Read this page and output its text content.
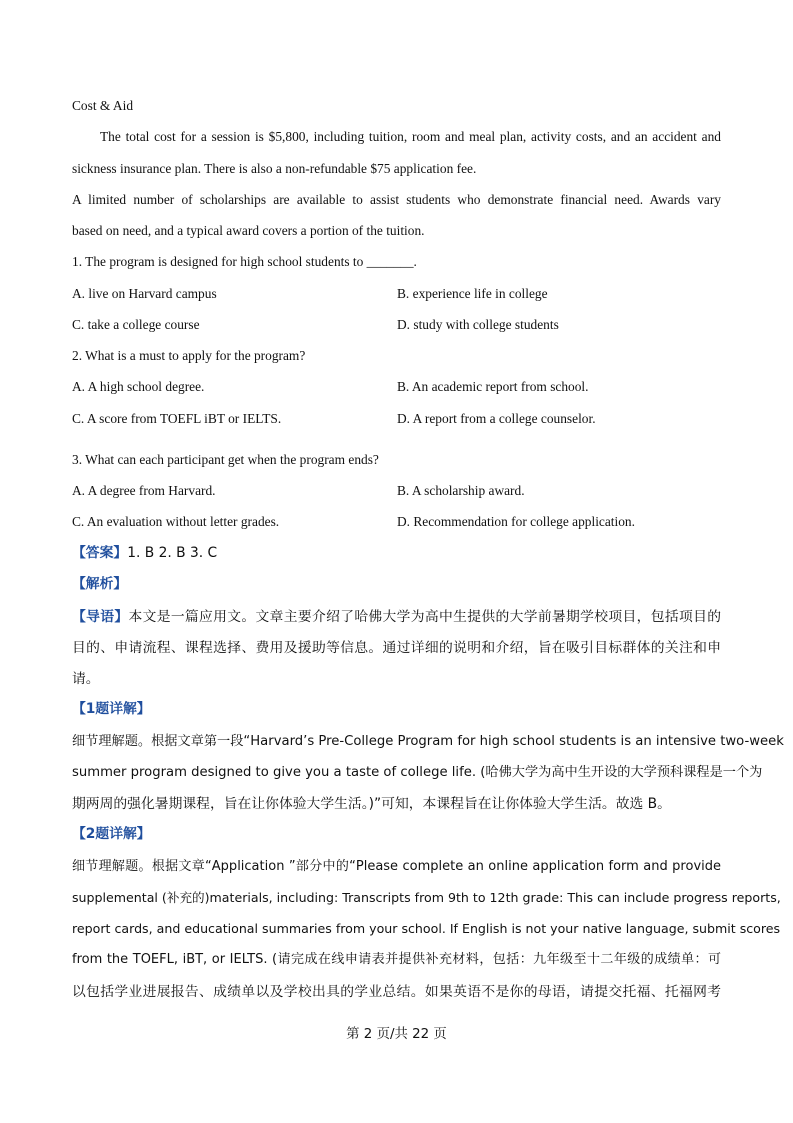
Cost & Aid
The total cost for a session is $5,800, including tuition, room and meal plan, activity costs, and an accident and
sickness insurance plan. There is also a non-refundable $75 application fee.
A limited number of scholarships are available to assist students who demonstrate financial need. Awards vary
based on need, and a typical award covers a portion of the tuition.
1. The program is designed for high school students to _______.
A. live on Harvard campus	B. experience life in college
C. take a college course	D. study with college students
2. What is a must to apply for the program?
A. A high school degree.	B. An academic report from school.
C. A score from TOEFL iBT or IELTS.	D. A report from a college counselor.
3. What can each participant get when the program ends?
A. A degree from Harvard.	B. A scholarship award.
C. An evaluation without letter grades.	D. Recommendation for college application.
【答案】1. B 2. B 3. C
【解析】
【导语】本文是一篇应用文。文章主要介绍了哈佛大学为高中生提供的大学前暑期学校项目，包括项目的
目的、申请流程、课程选择、费用及援助等信息。通过详细的说明和介绍，旨在吸引目标群体的关注和申
请。
【1题详解】
细节理解题。根据文章第一段“Harvard’s Pre-College Program for high school students is an intensive two-week
summer program designed to give you a taste of college life. (哈佛大学为高中生开设的大学预科课程是一个为
期两周的强化暑期课程，旨在让你体验大学生活。)”可知，本课程旨在让你体验大学生活。故选 B。
【2题详解】
细节理解题。根据文章“Application ”部分中的“Please complete an online application form and provide
supplemental (补充的)materials, including: Transcripts from 9th to 12th grade: This can include progress reports,
report cards, and educational summaries from your school. If English is not your native language, submit scores
from the TOEFL, iBT, or IELTS. (请完成在线申请表并提供补充材料，包括：九年级至十二年级的成绩单：可
以包括学业进展报告、成绩单以及学校出具的学业总结。如果英语不是你的母语，请提交托福、托福网考
第 2 页/共 22 页
